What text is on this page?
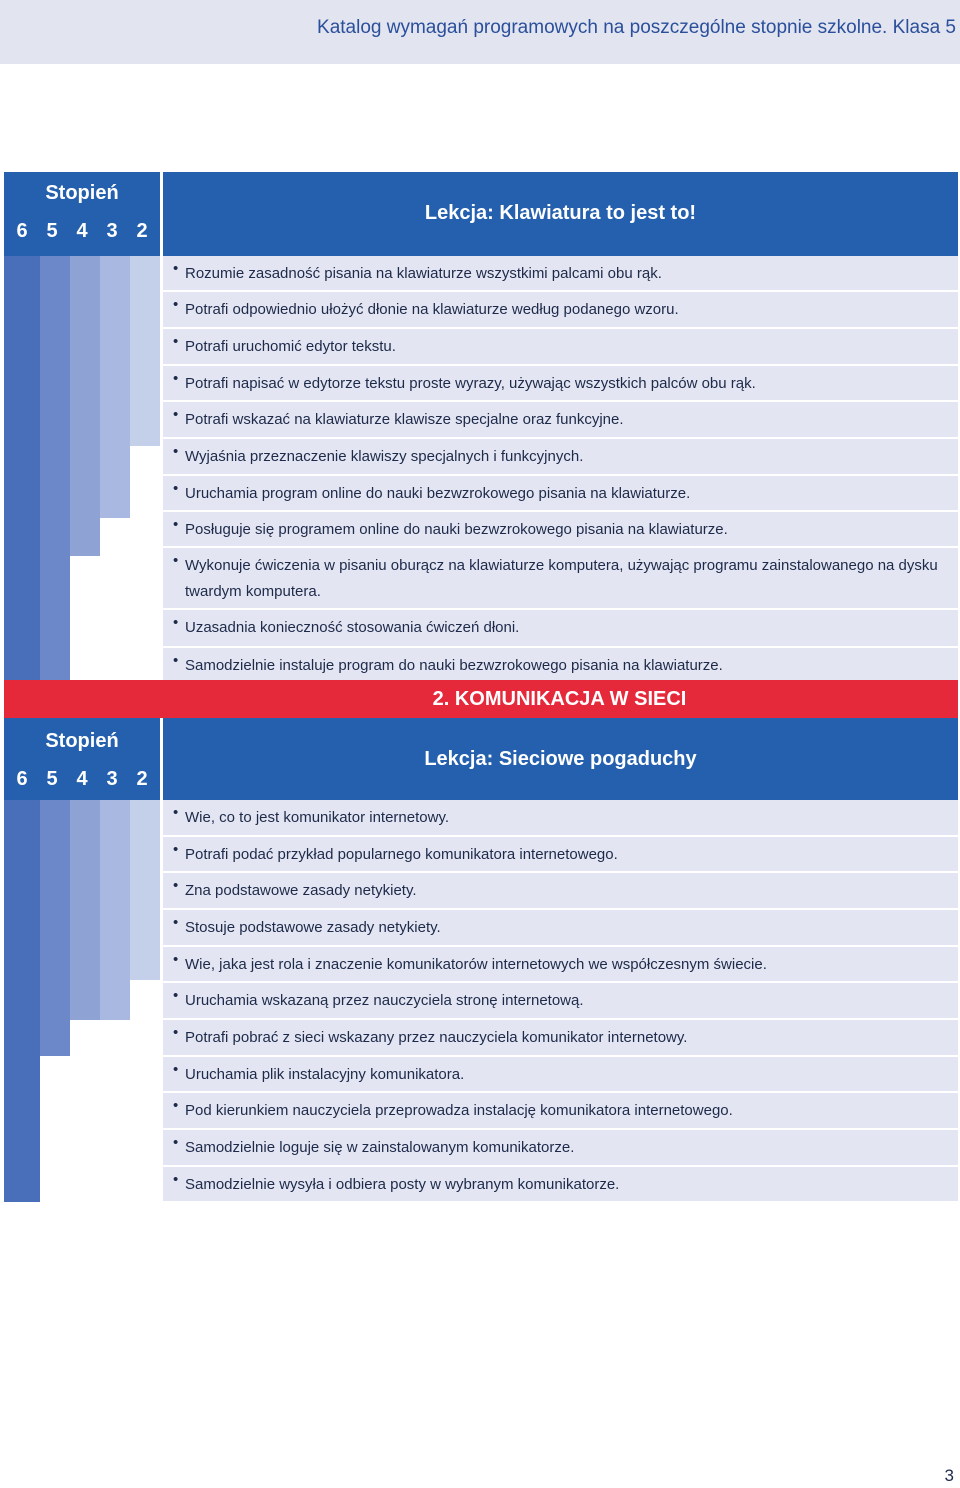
Katalog wymagań programowych na poszczególne stopnie szkolne. Klasa 5
Stopień
6 5 4 3 2
Lekcja: Klawiatura to jest to!
• Rozumie zasadność pisania na klawiaturze wszystkimi palcami obu rąk.
• Potrafi odpowiednio ułożyć dłonie na klawiaturze według podanego wzoru.
• Potrafi uruchomić edytor tekstu.
• Potrafi napisać w edytorze tekstu proste wyrazy, używając wszystkich palców obu rąk.
• Potrafi wskazać na klawiaturze klawisze specjalne oraz funkcyjne.
• Wyjaśnia przeznaczenie klawiszy specjalnych i funkcyjnych.
• Uruchamia program online do nauki bezwzrokowego pisania na klawiaturze.
• Posługuje się programem online do nauki bezwzrokowego pisania na klawiaturze.
• Wykonuje ćwiczenia w pisaniu oburącz na klawiaturze komputera, używając programu zainstalowanego na dysku twardym komputera.
• Uzasadnia konieczność stosowania ćwiczeń dłoni.
• Samodzielnie instaluje program do nauki bezwzrokowego pisania na klawiaturze.
2. KOMUNIKACJA W SIECI
Stopień
6 5 4 3 2
Lekcja: Sieciowe pogaduchy
• Wie, co to jest komunikator internetowy.
• Potrafi podać przykład popularnego komunikatora internetowego.
• Zna podstawowe zasady netykiety.
• Stosuje podstawowe zasady netykiety.
• Wie, jaka jest rola i znaczenie komunikatorów internetowych we współczesnym świecie.
• Uruchamia wskazaną przez nauczyciela stronę internetową.
• Potrafi pobrać z sieci wskazany przez nauczyciela komunikator internetowy.
• Uruchamia plik instalacyjny komunikatora.
• Pod kierunkiem nauczyciela przeprowadza instalację komunikatora internetowego.
• Samodzielnie loguje się w zainstalowanym komunikatorze.
• Samodzielnie wysyła i odbiera posty w wybranym komunikatorze.
3
